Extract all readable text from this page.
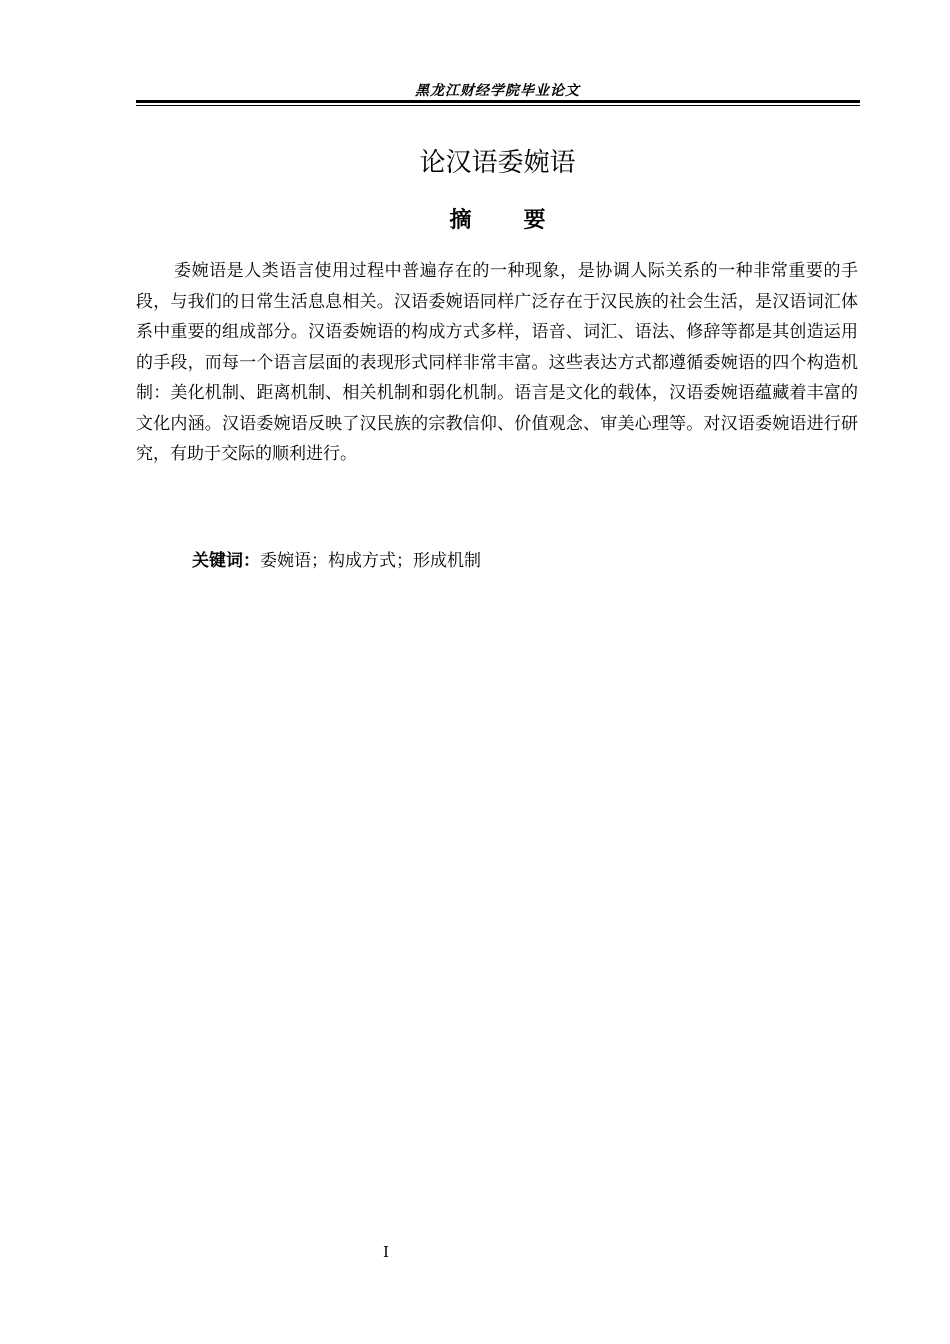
黑龙江财经学院毕业论文
论汉语委婉语
摘要

委婉语是人类语言使用过程中普遍存在的一种现象，是协调人际关系的一种非常重要的手段，与我们的日常生活息息相关。汉语委婉语同样广泛存在于汉民族的社会生活，是汉语词汇体系中重要的组成部分。汉语委婉语的构成方式多样，语音、词汇、语法、修辞等都是其创造运用的手段，而每一个语言层面的表现形式同样非常丰富。这些表达方式都遵循委婉语的四个构造机制：美化机制、距离机制、相关机制和弱化机制。语言是文化的载体，汉语委婉语蕴藏着丰富的文化内涵。汉语委婉语反映了汉民族的宗教信仰、价值观念、审美心理等。对汉语委婉语进行研究，有助于交际的顺利进行。

关键词：委婉语；构成方式；形成机制

I
